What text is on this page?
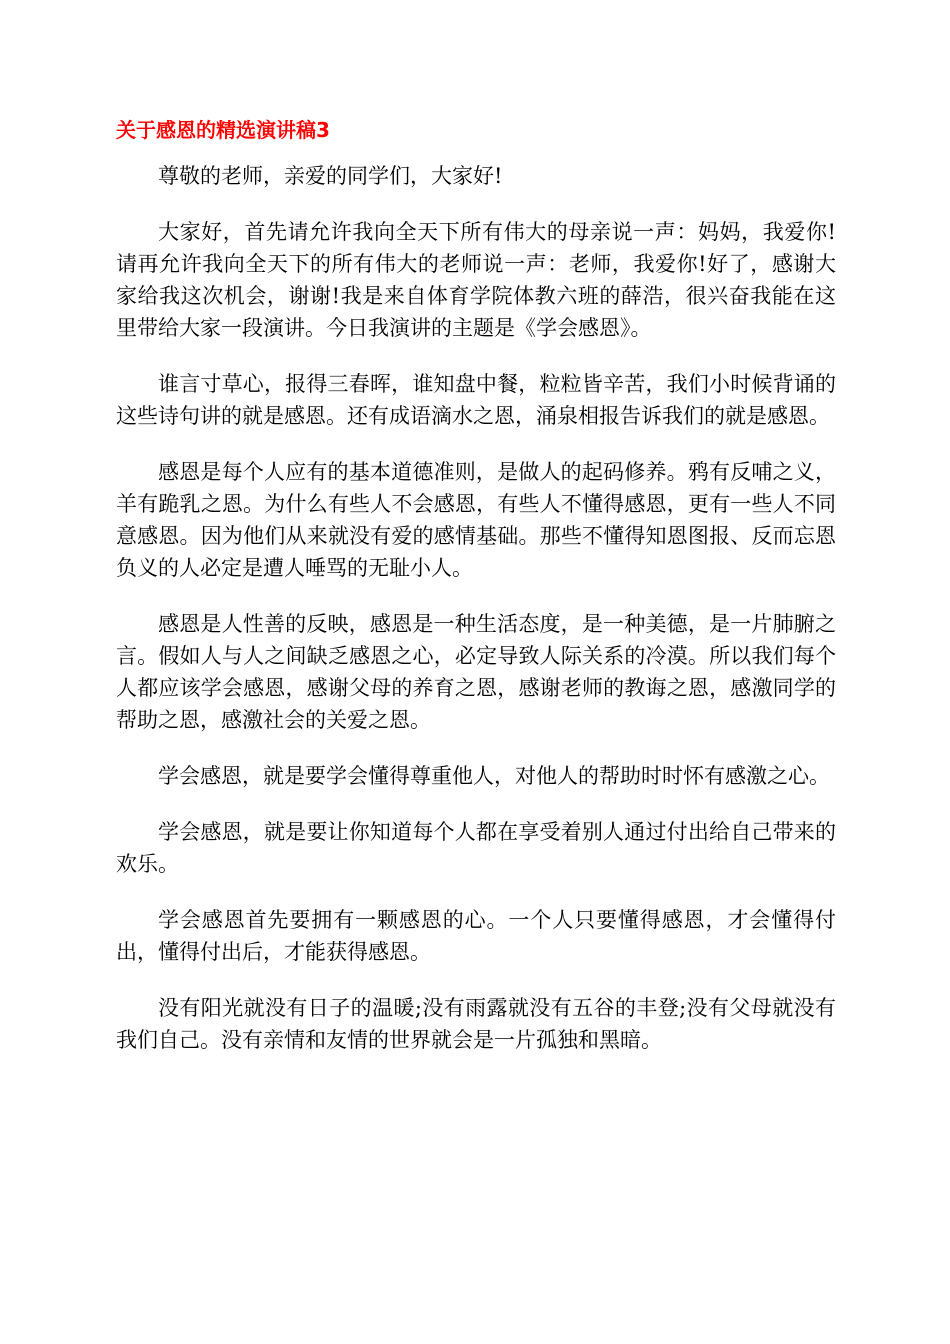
关于感恩的精选演讲稿3

尊敬的老师，亲爱的同学们，大家好!

大家好，首先请允许我向全天下所有伟大的母亲说一声：妈妈，我爱你!请再允许我向全天下的所有伟大的老师说一声：老师，我爱你!好了，感谢大家给我这次机会，谢谢!我是来自体育学院体教六班的薛浩，很兴奋我能在这里带给大家一段演讲。今日我演讲的主题是《学会感恩》。

谁言寸草心，报得三春晖，谁知盘中餐，粒粒皆辛苦，我们小时候背诵的这些诗句讲的就是感恩。还有成语滴水之恩，涌泉相报告诉我们的就是感恩。

感恩是每个人应有的基本道德准则，是做人的起码修养。鸦有反哺之义，羊有跪乳之恩。为什么有些人不会感恩，有些人不懂得感恩，更有一些人不同意感恩。因为他们从来就没有爱的感情基础。那些不懂得知恩图报、反而忘恩负义的人必定是遭人唾骂的无耻小人。

感恩是人性善的反映，感恩是一种生活态度，是一种美德，是一片肺腑之言。假如人与人之间缺乏感恩之心，必定导致人际关系的冷漠。所以我们每个人都应该学会感恩，感谢父母的养育之恩，感谢老师的教诲之恩，感激同学的帮助之恩，感激社会的关爱之恩。

学会感恩，就是要学会懂得尊重他人，对他人的帮助时时怀有感激之心。

学会感恩，就是要让你知道每个人都在享受着别人通过付出给自己带来的欢乐。

学会感恩首先要拥有一颗感恩的心。一个人只要懂得感恩，才会懂得付出，懂得付出后，才能获得感恩。

没有阳光就没有日子的温暖;没有雨露就没有五谷的丰登;没有父母就没有我们自己。没有亲情和友情的世界就会是一片孤独和黑暗。
